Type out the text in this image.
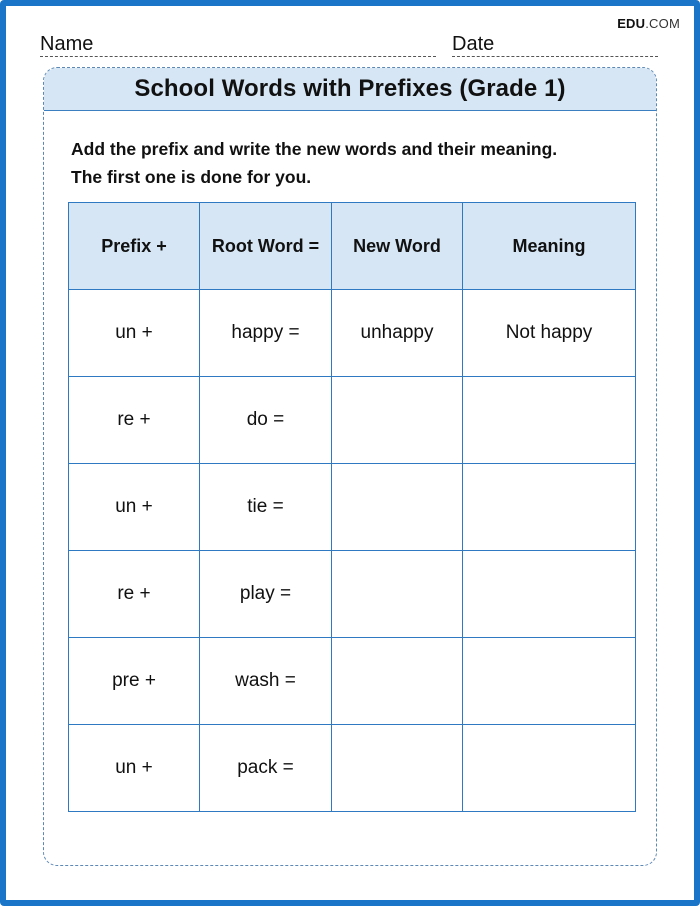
EDU.COM
Name	Date
School Words with Prefixes (Grade 1)
Add the prefix and write the new words and their meaning.
The first one is done for you.
Prefix +	Root Word =	New Word	Meaning
un +	happy =	unhappy	Not happy
re +	do =		
un +	tie =		
re +	play =		
pre +	wash =		
un +	pack =		
